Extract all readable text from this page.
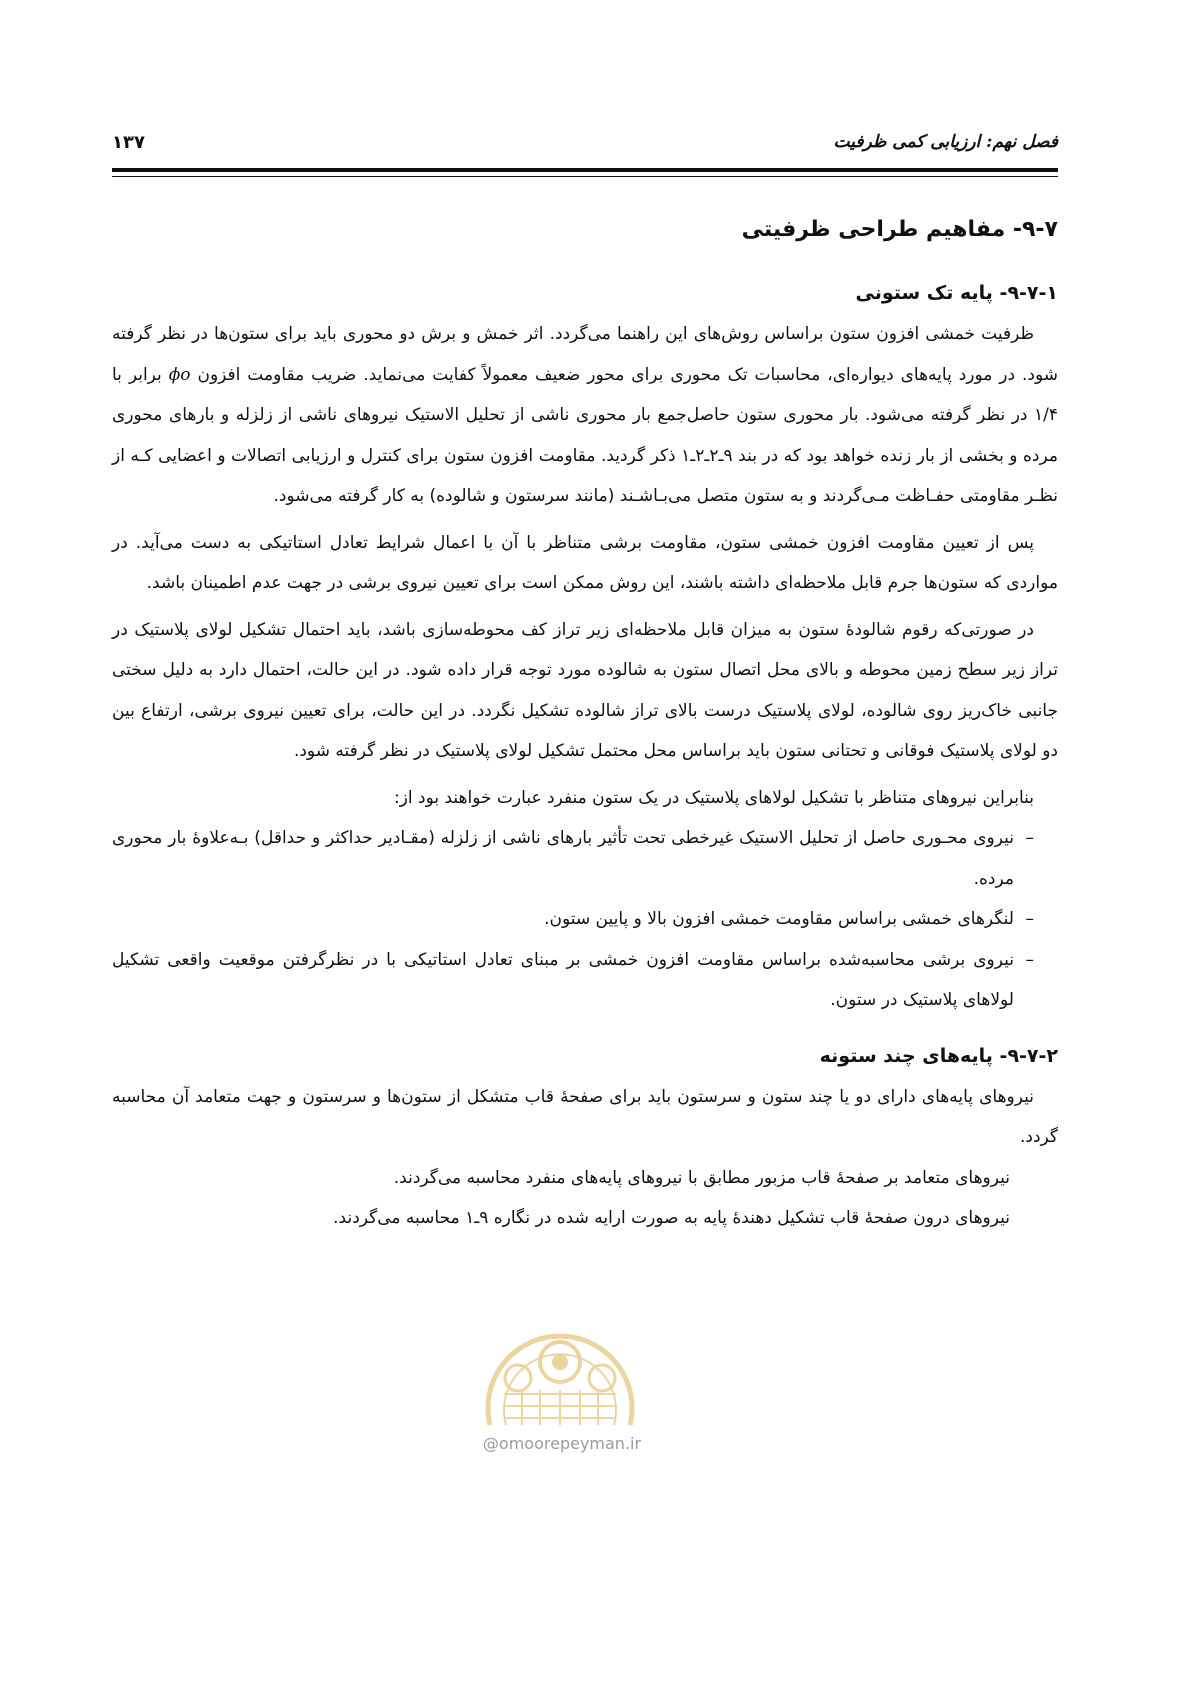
فصل نهم: ارزیابی کمی ظرفیت
۱۳۷
۹-۷- مفاهیم طراحی ظرفیتی
۹-۷-۱- پایه تک ستونی

ظرفیت خمشی افزون ستون براساس روش‌های این راهنما می‌گردد. اثر خمش و برش دو محوری باید برای ستون‌ها در نظر گرفته شود. در مورد پایه‌های دیواره‌ای، محاسبات تک محوری برای محور ضعیف معمولاً کفایت می‌نماید. ضریب مقاومت افزون ϕo برابر با ۱/۴ در نظر گرفته می‌شود. بار محوری ستون حاصل‌جمع بار محوری ناشی از تحلیل الاستیک نیروهای ناشی از زلزله و بارهای محوری مرده و بخشی از بار زنده خواهد بود که در بند ۹ـ۲ـ۲ـ۱ ذکر گردید. مقاومت افزون ستون برای کنترل و ارزیابی اتصالات و اعضایی کـه از نظـر مقاومتی حفـاظت مـی‌گردند و به ستون متصل می‌بـاشـند (مانند سرستون و شالوده) به کار گرفته می‌شود.

پس از تعیین مقاومت افزون خمشی ستون، مقاومت برشی متناظر با آن با اعمال شرایط تعادل استاتیکی به دست می‌آید. در مواردی که ستون‌ها جرم قابل ملاحظه‌ای داشته باشند، این روش ممکن است برای تعیین نیروی برشی در جهت عدم اطمینان باشد.

در صورتی‌که رقوم شالودهٔ ستون به میزان قابل ملاحظه‌ای زیر تراز کف محوطه‌سازی باشد، باید احتمال تشکیل لولای پلاستیک در تراز زیر سطح زمین محوطه و بالای محل اتصال ستون به شالوده مورد توجه قرار داده شود. در این حالت، احتمال دارد به دلیل سختی جانبی خاک‌ریز روی شالوده، لولای پلاستیک درست بالای تراز شالوده تشکیل نگردد. در این حالت، برای تعیین نیروی برشی، ارتفاع بین دو لولای پلاستیک فوقانی و تحتانی ستون باید براساس محل محتمل تشکیل لولای پلاستیک در نظر گرفته شود.

بنابراین نیروهای متناظر با تشکیل لولاهای پلاستیک در یک ستون منفرد عبارت خواهند بود از:

–
نیروی محـوری حاصل از تحلیل الاستیک غیرخطی تحت تأثیر بارهای ناشی از زلزله (مقـادیر حداکثر و حداقل) بـه‌علاوهٔ بار محوری مرده.
–
لنگرهای خمشی براساس مقاومت خمشی افزون بالا و پایین ستون.
–
نیروی برشی محاسبه‌شده براساس مقاومت افزون خمشی بر مبنای تعادل استاتیکی با در نظرگرفتن موقعیت واقعی تشکیل لولاهای پلاستیک در ستون.
۹-۷-۲- پایه‌های چند ستونه

نیروهای پایه‌های دارای دو یا چند ستون و سرستون باید برای صفحهٔ قاب متشکل از ستون‌ها و سرستون و جهت متعامد آن محاسبه گردد.

نیروهای متعامد بر صفحهٔ قاب مزبور مطابق با نیروهای پایه‌های منفرد محاسبه می‌گردند.

نیروهای درون صفحهٔ قاب تشکیل دهندهٔ پایه به صورت ارایه شده در نگاره ۹ـ۱ محاسبه می‌گردند.

@omoorepeyman.ir
